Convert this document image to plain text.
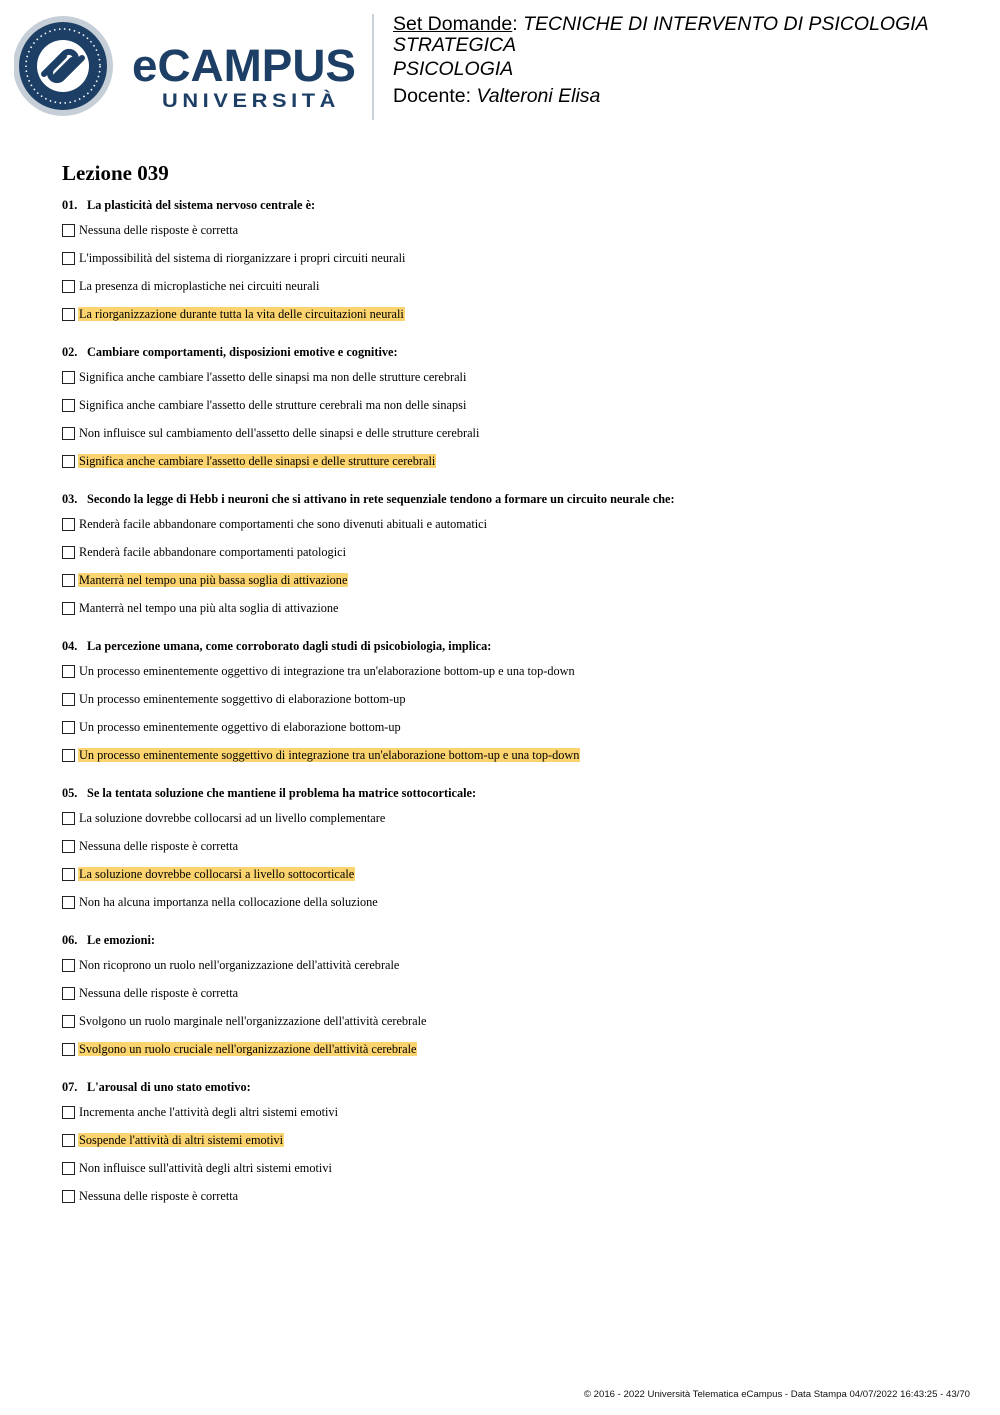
eCAMPUS
UNIVERSITÀ
Set Domande: TECNICHE DI INTERVENTO DI PSICOLOGIA
STRATEGICA
PSICOLOGIA
Docente: Valteroni Elisa
Lezione 039
01. La plasticità del sistema nervoso centrale è:
Nessuna delle risposte è corretta
L'impossibilità del sistema di riorganizzare i propri circuiti neurali
La presenza di microplastiche nei circuiti neurali
La riorganizzazione durante tutta la vita delle circuitazioni neurali
02. Cambiare comportamenti, disposizioni emotive e cognitive:
Significa anche cambiare l'assetto delle sinapsi ma non delle strutture cerebrali
Significa anche cambiare l'assetto delle strutture cerebrali ma non delle sinapsi
Non influisce sul cambiamento dell'assetto delle sinapsi e delle strutture cerebrali
Significa anche cambiare l'assetto delle sinapsi e delle strutture cerebrali
03. Secondo la legge di Hebb i neuroni che si attivano in rete sequenziale tendono a formare un circuito neurale che:
Renderà facile abbandonare comportamenti che sono divenuti abituali e automatici
Renderà facile abbandonare comportamenti patologici
Manterrà nel tempo una più bassa soglia di attivazione
Manterrà nel tempo una più alta soglia di attivazione
04. La percezione umana, come corroborato dagli studi di psicobiologia, implica:
Un processo eminentemente oggettivo di integrazione tra un'elaborazione bottom-up e una top-down
Un processo eminentemente soggettivo di elaborazione bottom-up
Un processo eminentemente oggettivo di elaborazione bottom-up
Un processo eminentemente soggettivo di integrazione tra un'elaborazione bottom-up e una top-down
05. Se la tentata soluzione che mantiene il problema ha matrice sottocorticale:
La soluzione dovrebbe collocarsi ad un livello complementare
Nessuna delle risposte è corretta
La soluzione dovrebbe collocarsi a livello sottocorticale
Non ha alcuna importanza nella collocazione della soluzione
06. Le emozioni:
Non ricoprono un ruolo nell'organizzazione dell'attività cerebrale
Nessuna delle risposte è corretta
Svolgono un ruolo marginale nell'organizzazione dell'attività cerebrale
Svolgono un ruolo cruciale nell'organizzazione dell'attività cerebrale
07. L'arousal di uno stato emotivo:
Incrementa anche l'attività degli altri sistemi emotivi
Sospende l'attività di altri sistemi emotivi
Non influisce sull'attività degli altri sistemi emotivi
Nessuna delle risposte è corretta
© 2016 - 2022 Università Telematica eCampus - Data Stampa 04/07/2022 16:43:25 - 43/70
